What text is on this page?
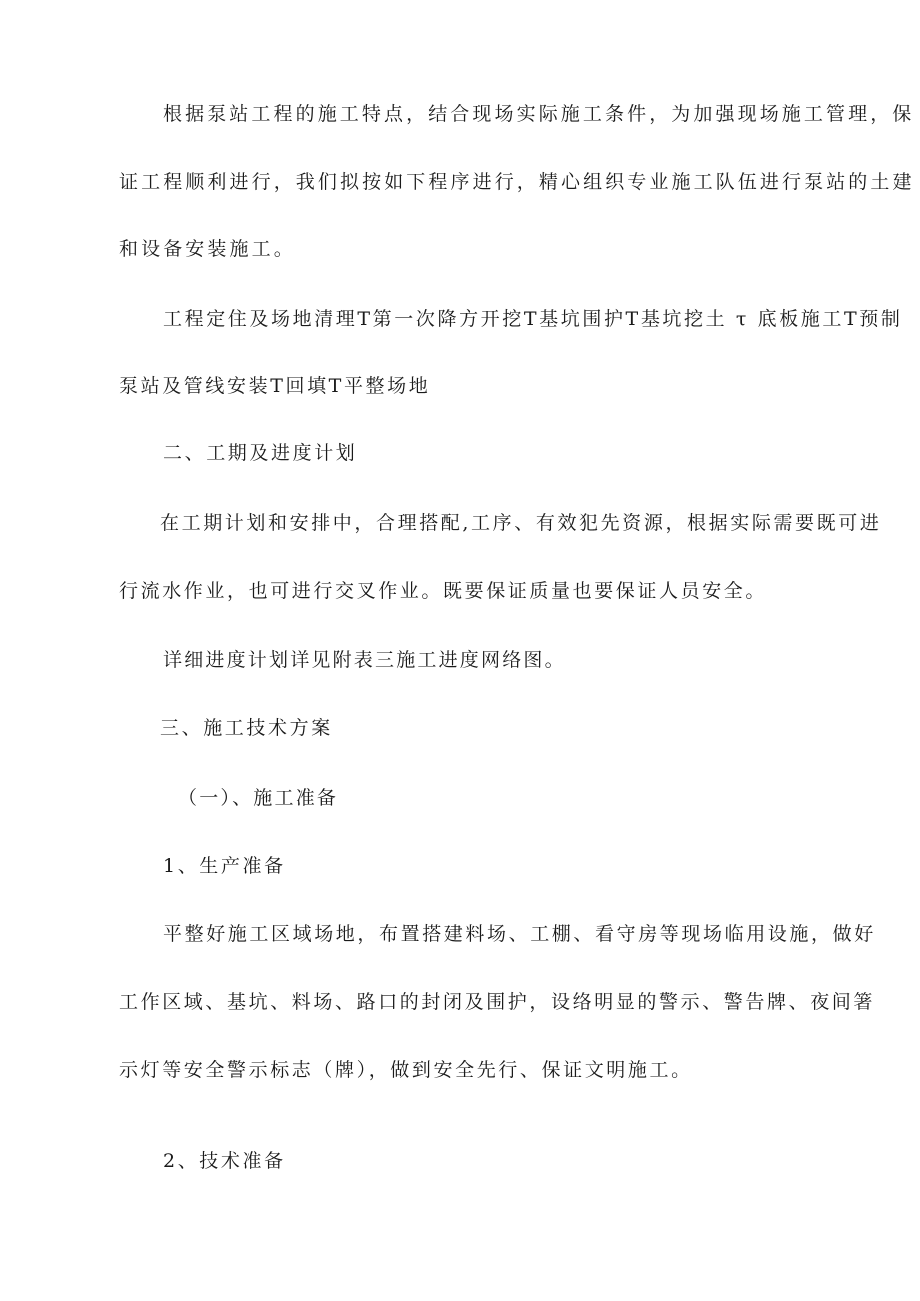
根据泵站工程的施工特点，结合现场实际施工条件，为加强现场施工管理，保
证工程顺利进行，我们拟按如下程序进行，精心组织专业施工队伍进行泵站的土建
和设备安装施工。
工程定住及场地清理T第一次降方开挖T基坑围护T基坑挖土 τ 底板施工T预制
泵站及管线安装T回填T平整场地
二、工期及进度计划
在工期计划和安排中，合理搭配,工序、有效犯先资源，根据实际需要既可进
行流水作业，也可进行交叉作业。既要保证质量也要保证人员安全。
详细进度计划详见附表三施工进度网络图。
三、施工技术方案
（一）、施工准备
1、生产准备
平整好施工区域场地，布置搭建料场、工棚、看守房等现场临用设施，做好
工作区域、基坑、料场、路口的封闭及围护，设络明显的警示、警告牌、夜间箸
示灯等安全警示标志（牌），做到安全先行、保证文明施工。
2、技术准备
